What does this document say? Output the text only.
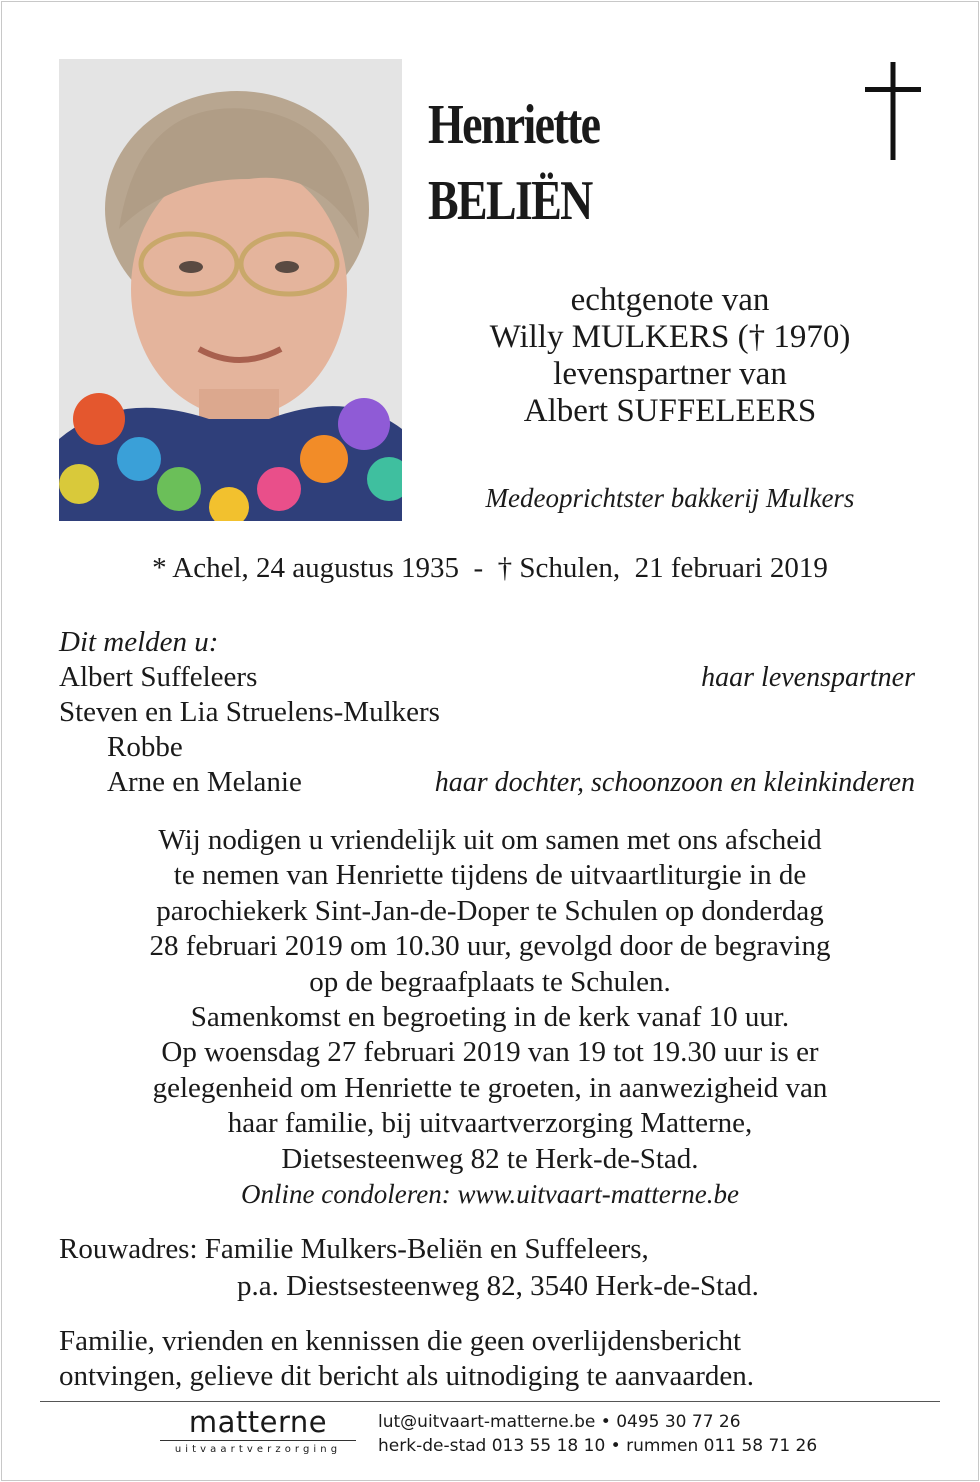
Henriette
BELIËN
echtgenote van
Willy MULKERS († 1970)
levenspartner van
Albert SUFFELEERS
Medeoprichtster bakkerij Mulkers
* Achel, 24 augustus 1935  -  † Schulen,  21 februari 2019
Dit melden u:
Albert Suffeleers	haar levenspartner
Steven en Lia Struelens-Mulkers
Robbe
Arne en Melanie	haar dochter, schoonzoon en kleinkinderen
Wij nodigen u vriendelijk uit om samen met ons afscheid
te nemen van Henriette tijdens de uitvaartliturgie in de
parochiekerk Sint-Jan-de-Doper te Schulen op donderdag
28 februari 2019 om 10.30 uur, gevolgd door de begraving
op de begraafplaats te Schulen.
Samenkomst en begroeting in de kerk vanaf 10 uur.
Op woensdag 27 februari 2019 van 19 tot 19.30 uur is er
gelegenheid om Henriette te groeten, in aanwezigheid van
haar familie, bij uitvaartverzorging Matterne,
Dietsesteenweg 82 te Herk-de-Stad.
Online condoleren: www.uitvaart-matterne.be
Rouwadres: Familie Mulkers-Beliën en Suffeleers,
p.a. Diestsesteenweg 82, 3540 Herk-de-Stad.
Familie, vrienden en kennissen die geen overlijdensbericht
ontvingen, gelieve dit bericht als uitnodiging te aanvaarden.
matterne
uitvaartverzorging
lut@uitvaart-matterne.be • 0495 30 77 26
herk-de-stad 013 55 18 10 • rummen 011 58 71 26
